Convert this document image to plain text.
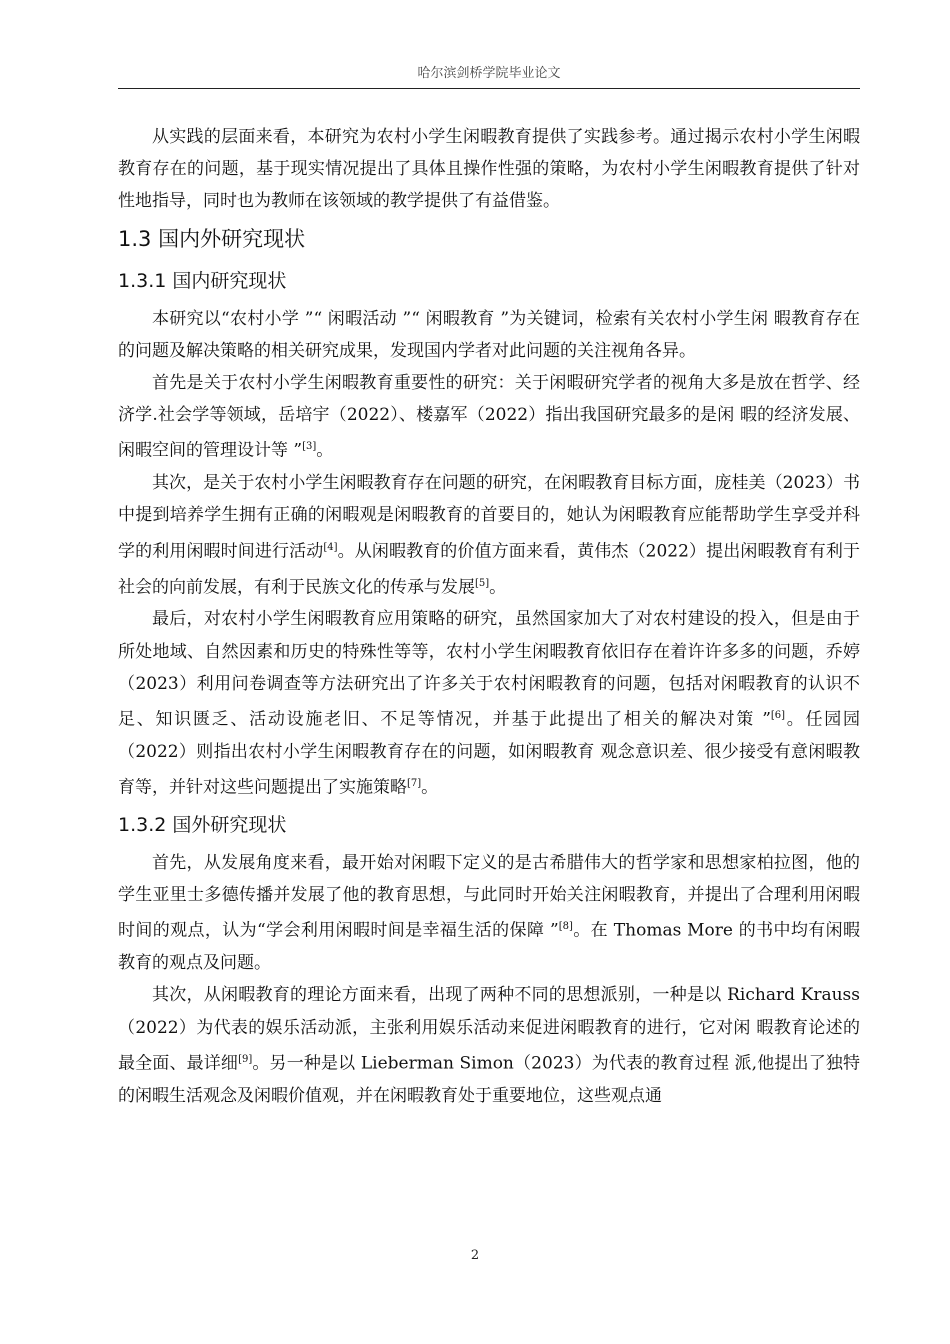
哈尔滨剑桥学院毕业论文

从实践的层面来看，本研究为农村小学生闲暇教育提供了实践参考。通过揭示农村小学生闲暇教育存在的问题，基于现实情况提出了具体且操作性强的策略，为农村小学生闲暇教育提供了针对性地指导，同时也为教师在该领域的教学提供了有益借鉴。

1.3 国内外研究现状
1.3.1 国内研究现状

本研究以“农村小学 ”“ 闲暇活动 ”“ 闲暇教育 ”为关键词，检索有关农村小学生闲 暇教育存在的问题及解决策略的相关研究成果，发现国内学者对此问题的关注视角各异。

首先是关于农村小学生闲暇教育重要性的研究：关于闲暇研究学者的视角大多是放在哲学、经济学.社会学等领域，岳培宇（2022）、楼嘉军（2022）指出我国研究最多的是闲 暇的经济发展、闲暇空间的管理设计等 ”[3]。

其次，是关于农村小学生闲暇教育存在问题的研究，在闲暇教育目标方面，庞桂美（2023）书中提到培养学生拥有正确的闲暇观是闲暇教育的首要目的，她认为闲暇教育应能帮助学生享受并科学的利用闲暇时间进行活动[4]。从闲暇教育的价值方面来看，黄伟杰（2022）提出闲暇教育有利于社会的向前发展，有利于民族文化的传承与发展[5]。

最后，对农村小学生闲暇教育应用策略的研究，虽然国家加大了对农村建设的投入，但是由于所处地域、自然因素和历史的特殊性等等，农村小学生闲暇教育依旧存在着许许多多的问题，乔婷（2023）利用问卷调查等方法研究出了许多关于农村闲暇教育的问题，包括对闲暇教育的认识不足、知识匮乏、活动设施老旧、不足等情况，并基于此提出了相关的解决对策 ”[6]。任园园（2022）则指出农村小学生闲暇教育存在的问题，如闲暇教育 观念意识差、很少接受有意闲暇教育等，并针对这些问题提出了实施策略[7]。

1.3.2 国外研究现状

首先，从发展角度来看，最开始对闲暇下定义的是古希腊伟大的哲学家和思想家柏拉图，他的学生亚里士多德传播并发展了他的教育思想，与此同时开始关注闲暇教育，并提出了合理利用闲暇时间的观点，认为“学会利用闲暇时间是幸福生活的保障 ”[8]。在 Thomas More 的书中均有闲暇教育的观点及问题。

其次，从闲暇教育的理论方面来看，出现了两种不同的思想派别，一种是以 Richard Krauss（2022）为代表的娱乐活动派，主张利用娱乐活动来促进闲暇教育的进行，它对闲 暇教育论述的最全面、最详细[9]。另一种是以 Lieberman Simon（2023）为代表的教育过程 派,他提出了独特的闲暇生活观念及闲暇价值观，并在闲暇教育处于重要地位，这些观点通

2
